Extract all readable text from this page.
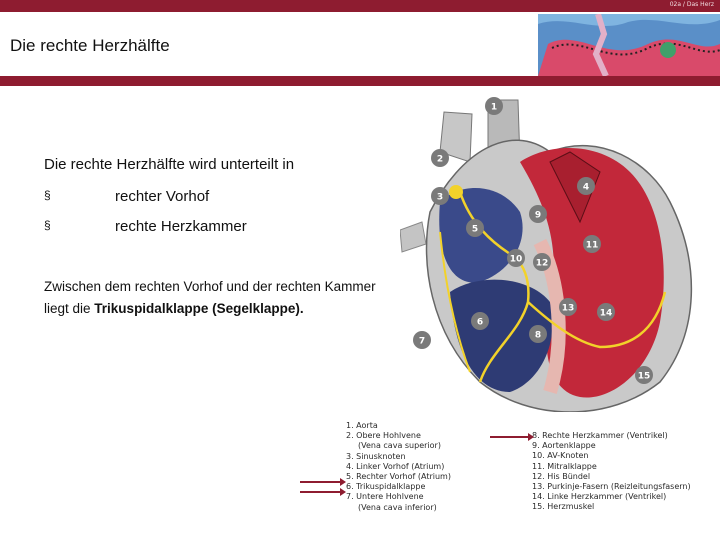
02a / Das Herz
Die rechte Herzhälfte
Die rechte Herzhälfte wird unterteilt in
§	rechter Vorhof
§	rechte Herzkammer
Zwischen dem rechten Vorhof und der rechten Kammer liegt die Trikuspidalklappe (Segelklappe).
1
2
3
4
5
6
7
8
9
10
11
12
13	14
15
1. Aorta
2. Obere Hohlvene
(Vena cava superior)
3. Sinusknoten
4. Linker Vorhof (Atrium)
5. Rechter Vorhof (Atrium)
6. Trikuspidalklappe
7. Untere Hohlvene
(Vena cava inferior)
8. Rechte Herzkammer (Ventrikel)
9. Aortenklappe
10. AV-Knoten
11. Mitralklappe
12. His Bündel
13. Purkinje-Fasern (Reizleitungsfasern)
14. Linke Herzkammer (Ventrikel)
15. Herzmuskel
